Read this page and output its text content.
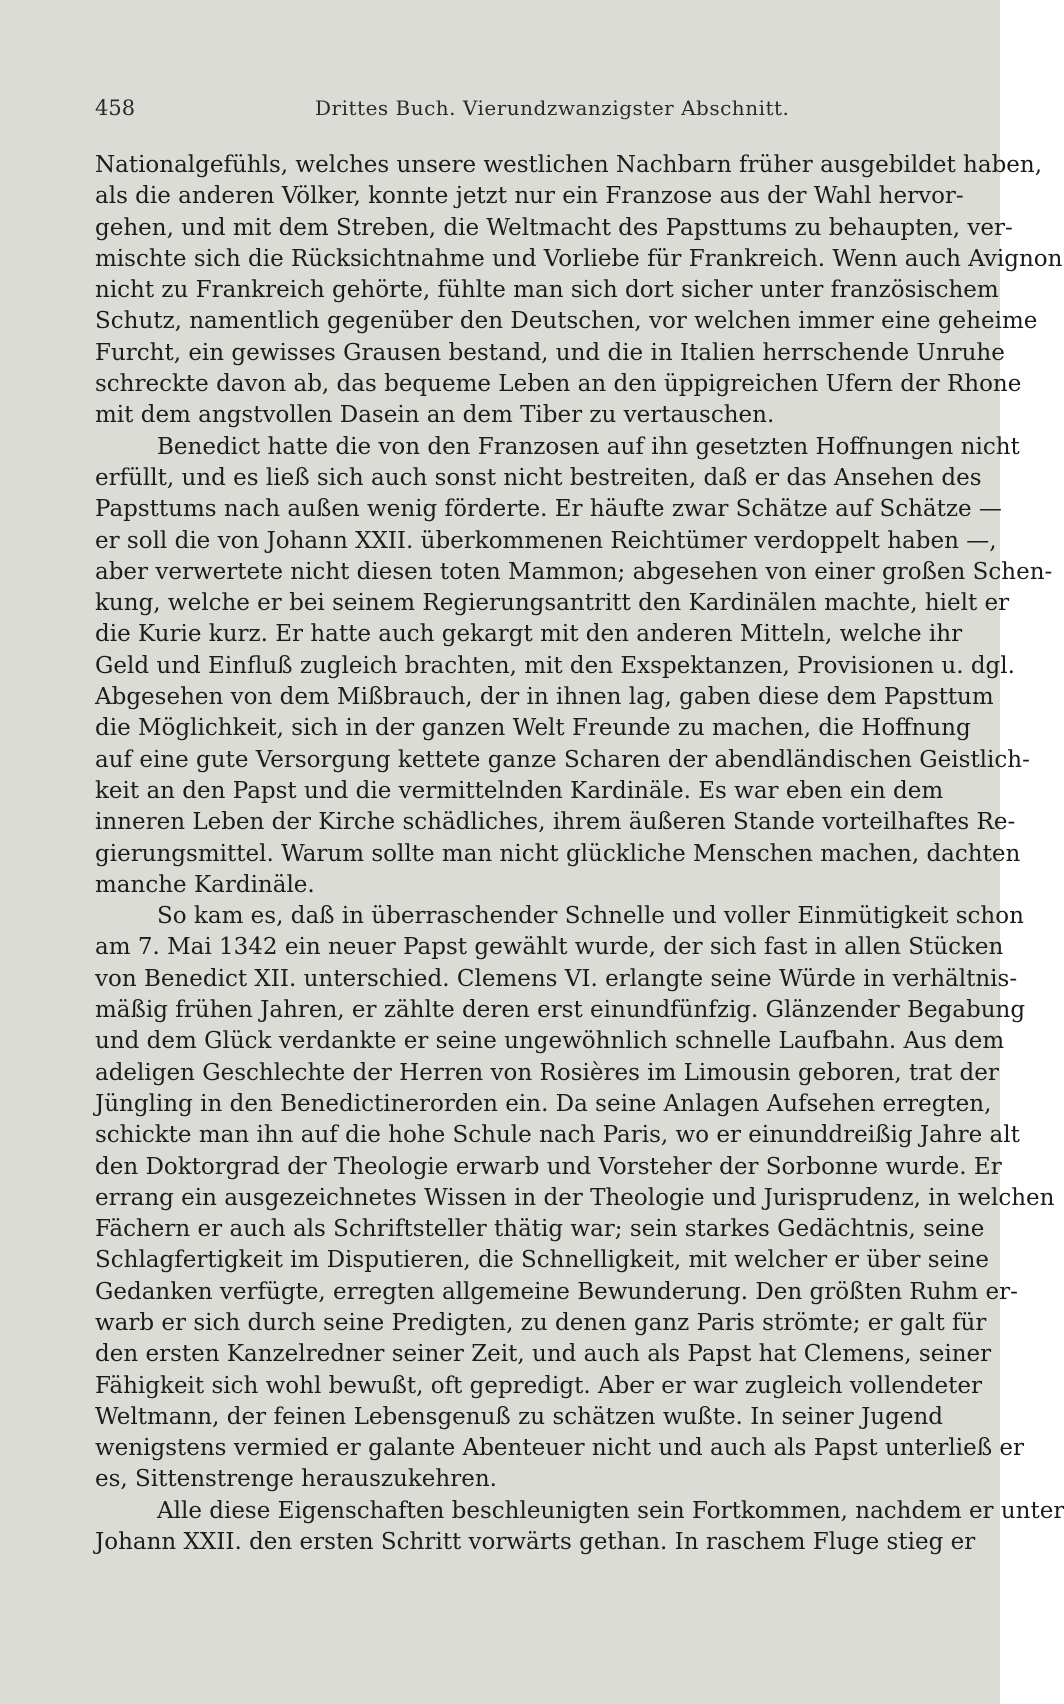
458	Drittes Buch. Vierundzwanzigster Abschnitt.
Nationalgefühls, welches unsere westlichen Nachbarn früher ausgebildet haben,
als die anderen Völker, konnte jetzt nur ein Franzose aus der Wahl hervor-
gehen, und mit dem Streben, die Weltmacht des Papsttums zu behaupten, ver-
mischte sich die Rücksichtnahme und Vorliebe für Frankreich. Wenn auch Avignon
nicht zu Frankreich gehörte, fühlte man sich dort sicher unter französischem
Schutz, namentlich gegenüber den Deutschen, vor welchen immer eine geheime
Furcht, ein gewisses Grausen bestand, und die in Italien herrschende Unruhe
schreckte davon ab, das bequeme Leben an den üppigreichen Ufern der Rhone
mit dem angstvollen Dasein an dem Tiber zu vertauschen.
Benedict hatte die von den Franzosen auf ihn gesetzten Hoffnungen nicht
erfüllt, und es ließ sich auch sonst nicht bestreiten, daß er das Ansehen des
Papsttums nach außen wenig förderte. Er häufte zwar Schätze auf Schätze —
er soll die von Johann XXII. überkommenen Reichtümer verdoppelt haben —,
aber verwertete nicht diesen toten Mammon; abgesehen von einer großen Schen-
kung, welche er bei seinem Regierungsantritt den Kardinälen machte, hielt er
die Kurie kurz. Er hatte auch gekargt mit den anderen Mitteln, welche ihr
Geld und Einfluß zugleich brachten, mit den Exspektanzen, Provisionen u. dgl.
Abgesehen von dem Mißbrauch, der in ihnen lag, gaben diese dem Papsttum
die Möglichkeit, sich in der ganzen Welt Freunde zu machen, die Hoffnung
auf eine gute Versorgung kettete ganze Scharen der abendländischen Geistlich-
keit an den Papst und die vermittelnden Kardinäle. Es war eben ein dem
inneren Leben der Kirche schädliches, ihrem äußeren Stande vorteilhaftes Re-
gierungsmittel. Warum sollte man nicht glückliche Menschen machen, dachten
manche Kardinäle.
So kam es, daß in überraschender Schnelle und voller Einmütigkeit schon
am 7. Mai 1342 ein neuer Papst gewählt wurde, der sich fast in allen Stücken
von Benedict XII. unterschied. Clemens VI. erlangte seine Würde in verhältnis-
mäßig frühen Jahren, er zählte deren erst einundfünfzig. Glänzender Begabung
und dem Glück verdankte er seine ungewöhnlich schnelle Laufbahn. Aus dem
adeligen Geschlechte der Herren von Rosières im Limousin geboren, trat der
Jüngling in den Benedictinerorden ein. Da seine Anlagen Aufsehen erregten,
schickte man ihn auf die hohe Schule nach Paris, wo er einunddreißig Jahre alt
den Doktorgrad der Theologie erwarb und Vorsteher der Sorbonne wurde. Er
errang ein ausgezeichnetes Wissen in der Theologie und Jurisprudenz, in welchen
Fächern er auch als Schriftsteller thätig war; sein starkes Gedächtnis, seine
Schlagfertigkeit im Disputieren, die Schnelligkeit, mit welcher er über seine
Gedanken verfügte, erregten allgemeine Bewunderung. Den größten Ruhm er-
warb er sich durch seine Predigten, zu denen ganz Paris strömte; er galt für
den ersten Kanzelredner seiner Zeit, und auch als Papst hat Clemens, seiner
Fähigkeit sich wohl bewußt, oft gepredigt. Aber er war zugleich vollendeter
Weltmann, der feinen Lebensgenuß zu schätzen wußte. In seiner Jugend
wenigstens vermied er galante Abenteuer nicht und auch als Papst unterließ er
es, Sittenstrenge herauszukehren.
Alle diese Eigenschaften beschleunigten sein Fortkommen, nachdem er unter
Johann XXII. den ersten Schritt vorwärts gethan. In raschem Fluge stieg er
